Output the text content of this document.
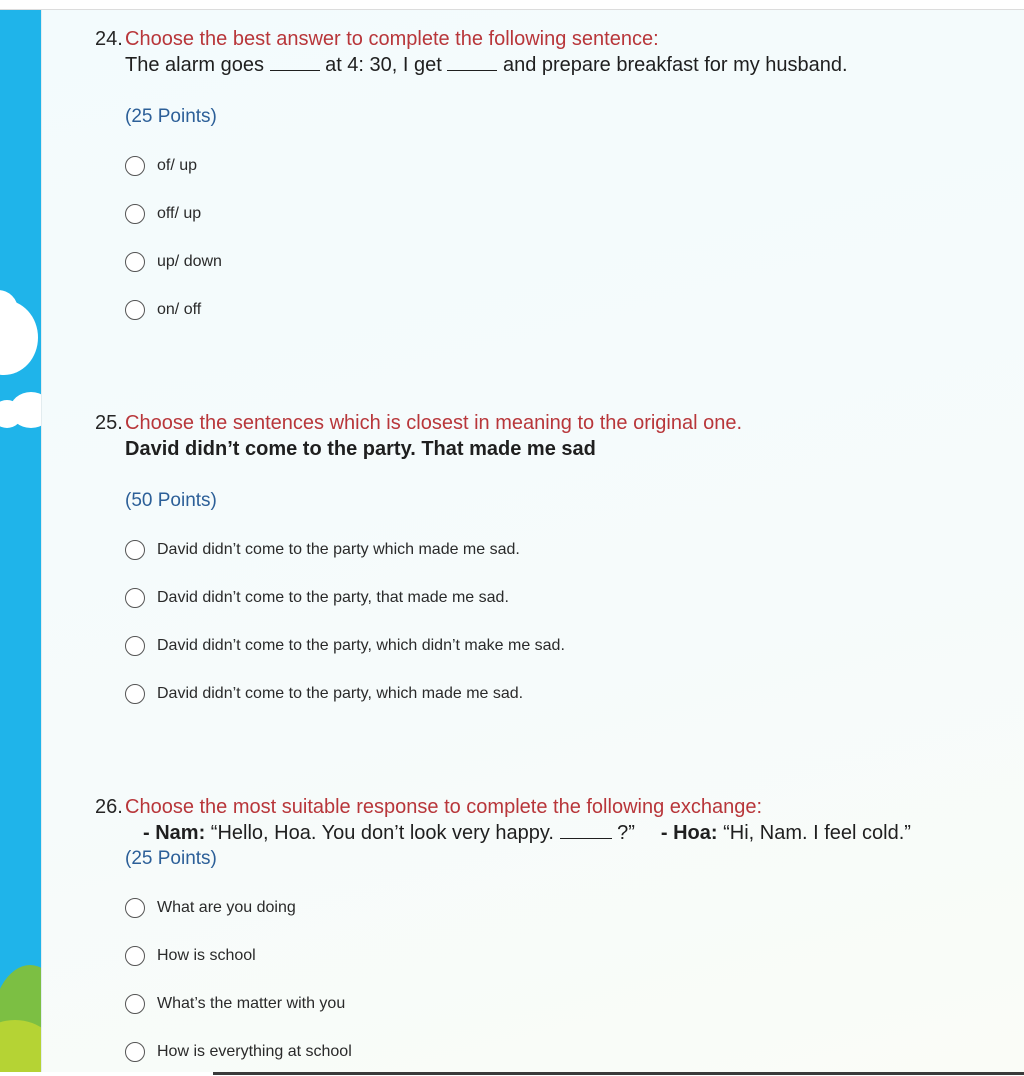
24. Choose the best answer to complete the following sentence:
The alarm goes	at 4: 30, I get	and prepare breakfast for my husband.
(25 Points)
of/ up
off/ up
up/ down
on/ off
25. Choose the sentences which is closest in meaning to the original one.
David didn’t come to the party. That made me sad
(50 Points)
David didn’t come to the party which made me sad.
David didn’t come to the party, that made me sad.
David didn’t come to the party, which didn’t make me sad.
David didn’t come to the party, which made me sad.
26. Choose the most suitable response to complete the following exchange:
- Nam: “Hello, Hoa. You don’t look very happy.	?” - Hoa: “Hi, Nam. I feel cold.”
(25 Points)
What are you doing
How is school
What’s the matter with you
How is everything at school
